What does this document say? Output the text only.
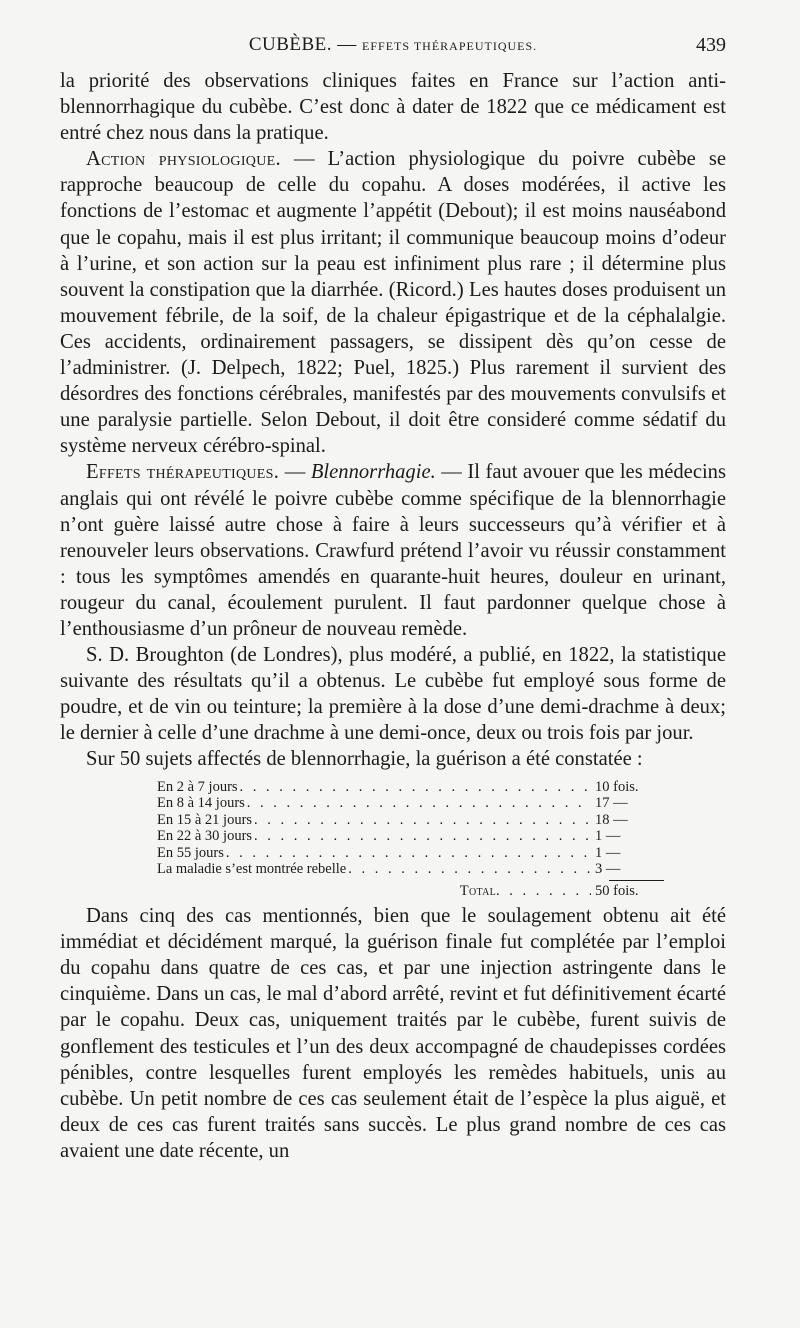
CUBÈBE. — EFFETS THÉRAPEUTIQUES.	439

la priorité des observations cliniques faites en France sur l’action anti-blennorrhagique du cubèbe. C’est donc à dater de 1822 que ce médicament est entré chez nous dans la pratique.

Action physiologique. — L’action physiologique du poivre cubèbe se rapproche beaucoup de celle du copahu. A doses modérées, il active les fonctions de l’estomac et augmente l’appétit (Debout); il est moins nauséabond que le copahu, mais il est plus irritant; il communique beaucoup moins d’odeur à l’urine, et son action sur la peau est infiniment plus rare ; il détermine plus souvent la constipation que la diarrhée. (Ricord.) Les hautes doses produisent un mouvement fébrile, de la soif, de la chaleur épigastrique et de la céphalalgie. Ces accidents, ordinairement passagers, se dissipent dès qu’on cesse de l’administrer. (J. Delpech, 1822; Puel, 1825.) Plus rarement il survient des désordres des fonctions cérébrales, manifestés par des mouvements convulsifs et une paralysie partielle. Selon Debout, il doit être consideré comme sédatif du système nerveux cérébro-spinal.

Effets thérapeutiques. — Blennorrhagie. — Il faut avouer que les médecins anglais qui ont révélé le poivre cubèbe comme spécifique de la blennorrhagie n’ont guère laissé autre chose à faire à leurs successeurs qu’à vérifier et à renouveler leurs observations. Crawfurd prétend l’avoir vu réussir constamment : tous les symptômes amendés en quarante-huit heures, douleur en urinant, rougeur du canal, écoulement purulent. Il faut pardonner quelque chose à l’enthousiasme d’un prôneur de nouveau remède.

S. D. Broughton (de Londres), plus modéré, a publié, en 1822, la statistique suivante des résultats qu’il a obtenus. Le cubèbe fut employé sous forme de poudre, et de vin ou teinture; la première à la dose d’une demi-drachme à deux; le dernier à celle d’une drachme à une demi-once, deux ou trois fois par jour.

Sur 50 sujets affectés de blennorrhagie, la guérison a été constatée :

En 2 à 7 jours . . .	10 fois.
En 8 à 14 jours . . .	17 —
En 15 à 21 jours . . .	18 —
En 22 à 30 jours . . .	1 —
En 55 jours . . .	1 —
La maladie s’est montrée rebelle . . .	3 —
Total . . .	50 fois.

Dans cinq des cas mentionnés, bien que le soulagement obtenu ait été immédiat et décidément marqué, la guérison finale fut complétée par l’emploi du copahu dans quatre de ces cas, et par une injection astringente dans le cinquième. Dans un cas, le mal d’abord arrêté, revint et fut définitivement écarté par le copahu. Deux cas, uniquement traités par le cubèbe, furent suivis de gonflement des testicules et l’un des deux accompagné de chaudepisses cordées pénibles, contre lesquelles furent employés les remèdes habituels, unis au cubèbe. Un petit nombre de ces cas seulement était de l’espèce la plus aiguë, et deux de ces cas furent traités sans succès. Le plus grand nombre de ces cas avaient une date récente, un
